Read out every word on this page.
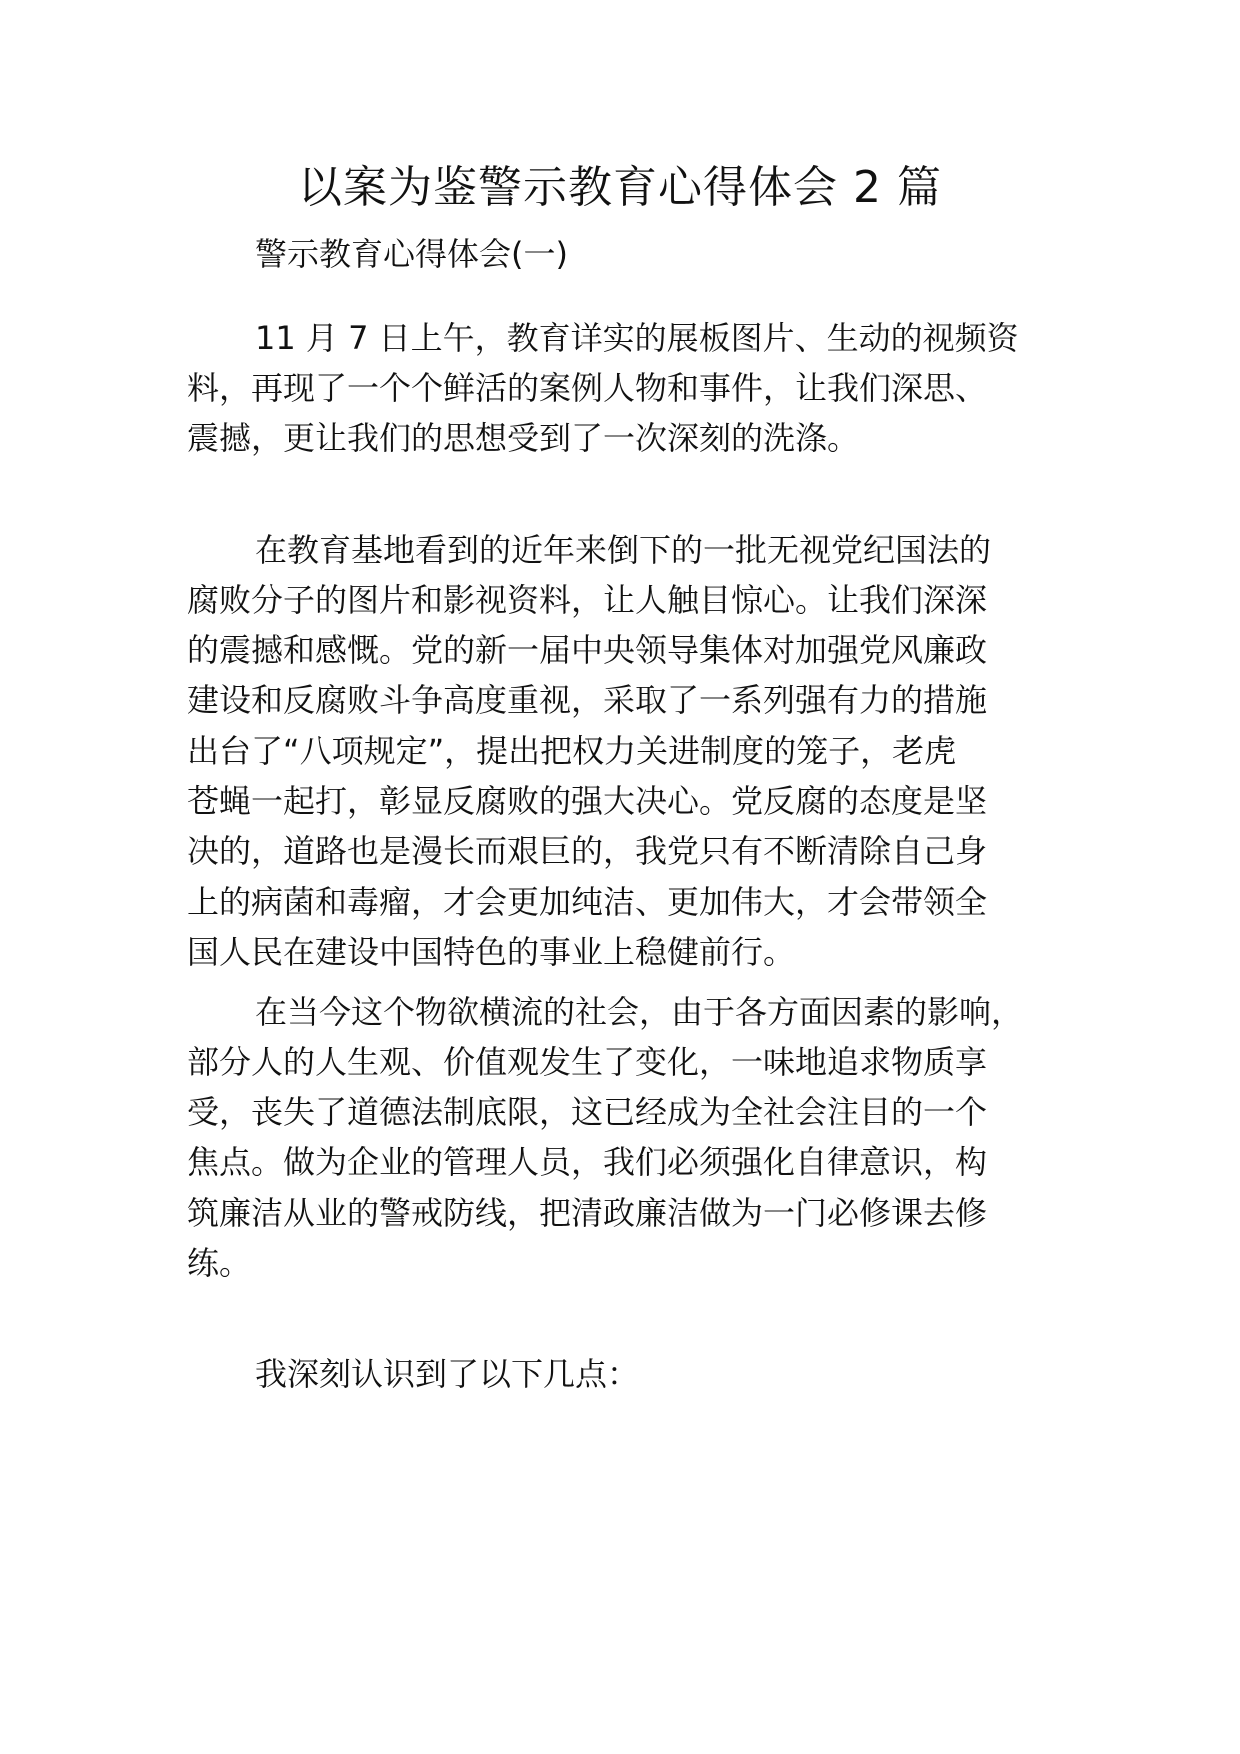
以案为鉴警示教育心得体会 2 篇

警示教育心得体会(一)

11 月 7 日上午，教育详实的展板图片、生动的视频资

料，再现了一个个鲜活的案例人物和事件，让我们深思、

震撼，更让我们的思想受到了一次深刻的洗涤。

在教育基地看到的近年来倒下的一批无视党纪国法的

腐败分子的图片和影视资料，让人触目惊心。让我们深深

的震撼和感慨。党的新一届中央领导集体对加强党风廉政

建设和反腐败斗争高度重视，采取了一系列强有力的措施

出台了“八项规定”，提出把权力关进制度的笼子，老虎

苍蝇一起打，彰显反腐败的强大决心。党反腐的态度是坚

决的，道路也是漫长而艰巨的，我党只有不断清除自己身

上的病菌和毒瘤，才会更加纯洁、更加伟大，才会带领全

国人民在建设中国特色的事业上稳健前行。

在当今这个物欲横流的社会，由于各方面因素的影响，

部分人的人生观、价值观发生了变化，一味地追求物质享

受，丧失了道德法制底限，这已经成为全社会注目的一个

焦点。做为企业的管理人员，我们必须强化自律意识，构

筑廉洁从业的警戒防线，把清政廉洁做为一门必修课去修

练。

我深刻认识到了以下几点：
